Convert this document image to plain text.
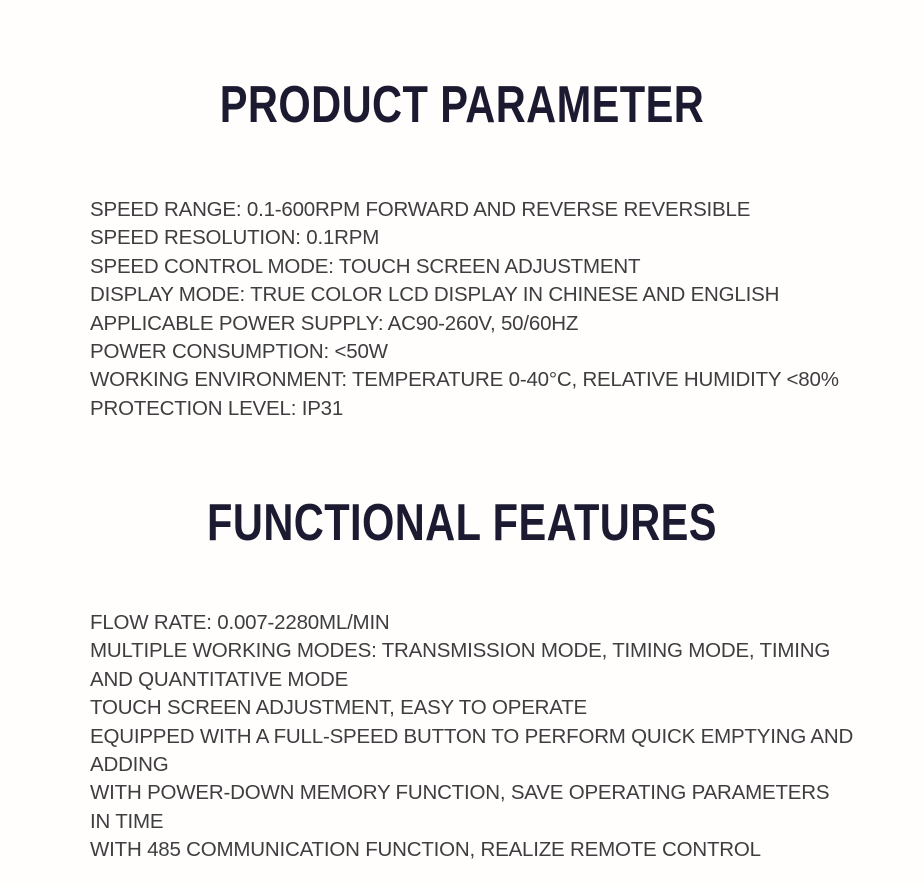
PRODUCT PARAMETER
SPEED RANGE: 0.1-600RPM FORWARD AND REVERSE REVERSIBLE
SPEED RESOLUTION: 0.1RPM
SPEED CONTROL MODE: TOUCH SCREEN ADJUSTMENT
DISPLAY MODE: TRUE COLOR LCD DISPLAY IN CHINESE AND ENGLISH
APPLICABLE POWER SUPPLY: AC90-260V, 50/60HZ
POWER CONSUMPTION: <50W
WORKING ENVIRONMENT: TEMPERATURE 0-40°C, RELATIVE HUMIDITY <80%
PROTECTION LEVEL: IP31
FUNCTIONAL FEATURES
FLOW RATE: 0.007-2280ML/MIN
MULTIPLE WORKING MODES: TRANSMISSION MODE, TIMING MODE, TIMING
AND QUANTITATIVE MODE
TOUCH SCREEN ADJUSTMENT, EASY TO OPERATE
EQUIPPED WITH A FULL-SPEED BUTTON TO PERFORM QUICK EMPTYING AND
ADDING
WITH POWER-DOWN MEMORY FUNCTION, SAVE OPERATING PARAMETERS
IN TIME
WITH 485 COMMUNICATION FUNCTION, REALIZE REMOTE CONTROL
